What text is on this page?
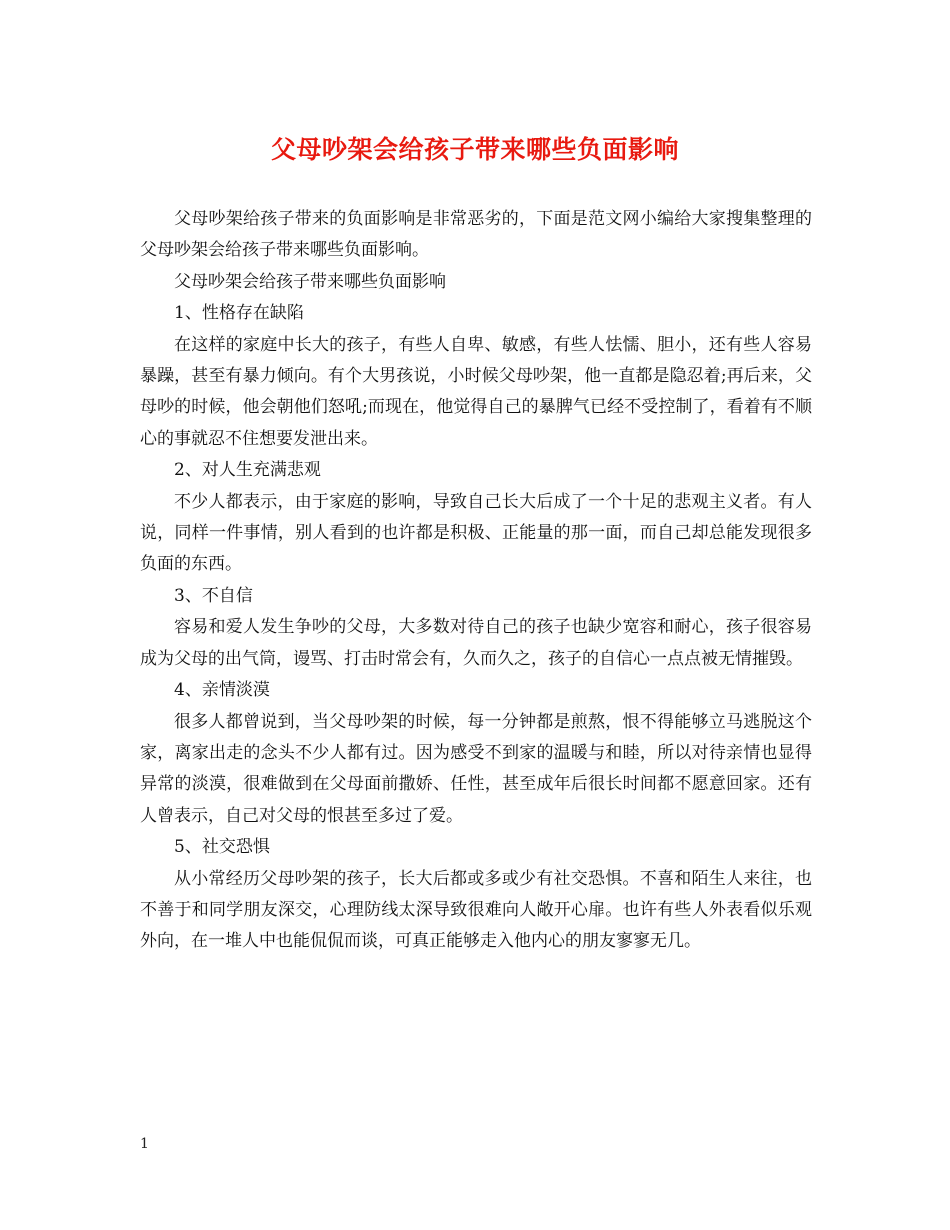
父母吵架会给孩子带来哪些负面影响

父母吵架给孩子带来的负面影响是非常恶劣的，下面是范文网小编给大家搜集整理的父母吵架会给孩子带来哪些负面影响。

父母吵架会给孩子带来哪些负面影响

1、性格存在缺陷

在这样的家庭中长大的孩子，有些人自卑、敏感，有些人怯懦、胆小，还有些人容易暴躁，甚至有暴力倾向。有个大男孩说，小时候父母吵架，他一直都是隐忍着;再后来，父母吵的时候，他会朝他们怒吼;而现在，他觉得自己的暴脾气已经不受控制了，看着有不顺心的事就忍不住想要发泄出来。

2、对人生充满悲观

不少人都表示，由于家庭的影响，导致自己长大后成了一个十足的悲观主义者。有人说，同样一件事情，别人看到的也许都是积极、正能量的那一面，而自己却总能发现很多负面的东西。

3、不自信

容易和爱人发生争吵的父母，大多数对待自己的孩子也缺少宽容和耐心，孩子很容易成为父母的出气筒，谩骂、打击时常会有，久而久之，孩子的自信心一点点被无情摧毁。

4、亲情淡漠

很多人都曾说到，当父母吵架的时候，每一分钟都是煎熬，恨不得能够立马逃脱这个家，离家出走的念头不少人都有过。因为感受不到家的温暖与和睦，所以对待亲情也显得异常的淡漠，很难做到在父母面前撒娇、任性，甚至成年后很长时间都不愿意回家。还有人曾表示，自己对父母的恨甚至多过了爱。

5、社交恐惧

从小常经历父母吵架的孩子，长大后都或多或少有社交恐惧。不喜和陌生人来往，也不善于和同学朋友深交，心理防线太深导致很难向人敞开心扉。也许有些人外表看似乐观外向，在一堆人中也能侃侃而谈，可真正能够走入他内心的朋友寥寥无几。

1
